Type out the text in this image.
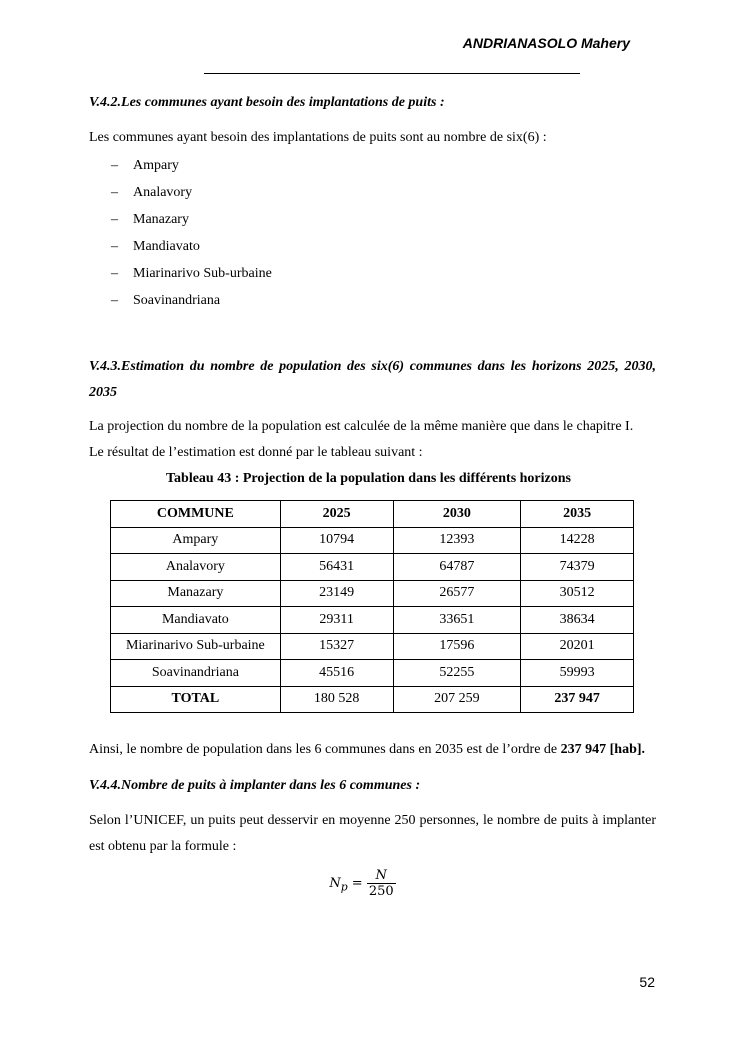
ANDRIANASOLO Mahery
V.4.2.Les communes ayant besoin des implantations de puits :

Les communes ayant besoin des implantations de puits sont au nombre de six(6) :

– Ampary
– Analavory
– Manazary
– Mandiavato
– Miarinarivo Sub-urbaine
– Soavinandriana
V.4.3.Estimation du nombre de population des six(6) communes dans les horizons 2025, 2030, 2035

La projection du nombre de la population est calculée de la même manière que dans le chapitre I.

Le résultat de l’estimation est donné par le tableau suivant :

Tableau 43 : Projection de la population dans les différents horizons
COMMUNE	2025	2030	2035
Ampary	10794	12393	14228
Analavory	56431	64787	74379
Manazary	23149	26577	30512
Mandiavato	29311	33651	38634
Miarinarivo Sub-urbaine	15327	17596	20201
Soavinandriana	45516	52255	59993
TOTAL	180 528	207 259	237 947

Ainsi, le nombre de population dans les 6 communes dans en 2035 est de l’ordre de 237 947 [hab].

V.4.4.Nombre de puits à implanter dans les 6 communes :

Selon l’UNICEF, un puits peut desservir en moyenne 250 personnes, le nombre de puits à implanter est obtenu par la formule :

$N_p = \frac{N}{250}$
52
